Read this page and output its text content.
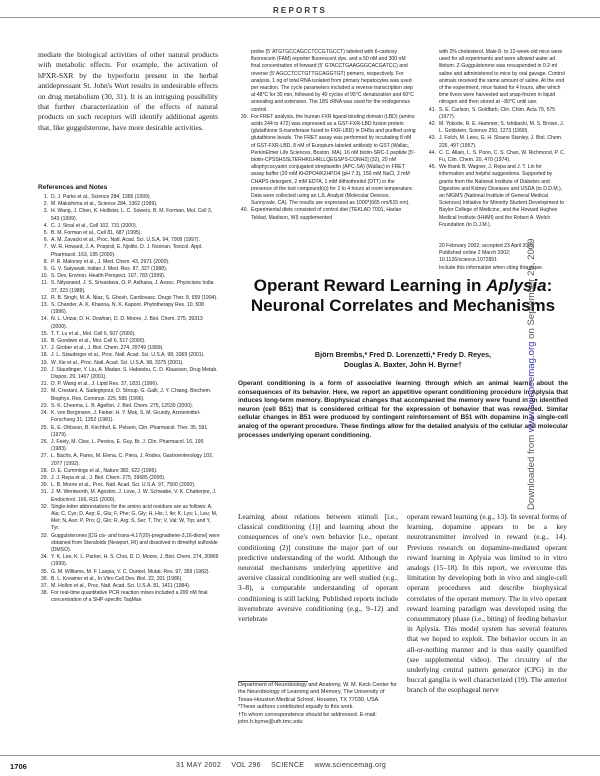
REPORTS
mediate the biological activities of other natural products with metabolic effects. For example, the activation of hPXR-SXR by the hyperforin present in the herbal antidepressant St. John's Wort results in undesirable effects on drug metabolism (30, 31). It is an intriguing possibility that further characterization of the effects of natural products on such receptors will identify additional agents that, like guggulsterone, have more desirable activities.
References and Notes
1. D. J. Parks et al., Science 284, 1365 (1999).
2. M. Makishima et al., Science 284, 1362 (1999).
3. H. Wang, J. Chen, K. Hollister, L. C. Sowers, B. M. Forman, Mol. Cell 3, 543 (1999).
4. C. J. Sinal et al., Cell 102, 731 (2000).
5. B. M. Forman et al., Cell 81, 687 (1995).
6. A. M. Zavacki et al., Proc. Natl. Acad. Sci. U.S.A. 94, 7909 (1997).
7. W. R. Howard, J. A. Pospisil, E. Njolito, D. J. Noonan, Toxicol. Appl. Pharmacol. 163, 195 (2000).
8. P. R. Maloney et al., J. Med. Chem. 43, 2971 (2000).
9. G. V. Satyavati, Indian J. Med. Res. 87, 327 (1988).
10. S. Dev, Environ. Health Perspect. 107, 783 (1999).
11. S. Nityanand, J. S. Srivastava, O. P. Asthana, J. Assoc. Physicians India 37, 323 (1989).
12. R. B. Singh, M. A. Niaz, S. Ghosh, Cardiovasc. Drugs Ther. 8, 659 (1994).
13. S. Chander, A. K. Khanna, N. K. Kapoor, Phytotherapy Res. 10, 508 (1996).
14. N. L. Urizar, D. H. Dowhan, D. D. Moore, J. Biol. Chem. 275, 39313 (2000).
15. T. T. Lu et al., Mol. Cell 6, 507 (2000).
16. B. Goodwin et al., Mol. Cell 6, 517 (2000).
17. J. Grober et al., J. Biol. Chem. 274, 29749 (1999).
18. J. L. Staudinger et al., Proc. Natl. Acad. Sci. U.S.A. 98, 3369 (2001).
19. W. Xie et al., Proc. Natl. Acad. Sci. U.S.A. 98, 3375 (2001).
20. J. Staudinger, Y. Liu, A. Madan, S. Habeebu, C. D. Klaassen, Drug Metab. Dispos. 29, 1467 (2001).
21. D. P. Wang et al., J. Lipid Res. 37, 1831 (1996).
22. M. Crestani, A. Sadeghpour, D. Stroup, G. Galli, J. Y. Chiang, Biochem. Biophys. Res. Commun. 225, 585 (1996).
23. S. K. Cheema, L. B. Agellon, J. Biol. Chem. 275, 12530 (2000).
24. K. von Bergmann, J. Fieber, H. Y. Mok, S. M. Grundy, Arzneimittel-Forschung 31, 1352 (1981).
25. E. E. Ohlsson, B. Kirchhof, E. Pelsein, Clin. Pharmacol. Ther. 35, 591 (1979).
26. J. Feely, M. Clee, L. Pereira, E. Guy, Br. J. Clin. Pharmacol. 16, 195 (1983).
27. L. Bachs, A. Pares, M. Elena, C. Piera, J. Rodes, Gastroenterology 102, 2077 (1992).
28. D. E. Cummings et al., Nature 382, 622 (1996).
29. J. J. Repa et al., J. Biol. Chem. 275, 39685 (2000).
30. L. B. Moore et al., Proc. Natl. Acad. Sci. U.S.A. 97, 7500 (2000).
31. J. M. Wentworth, M. Agostini, J. Love, J. W. Schwabe, V. K. Chatterjee, J. Endocrinol. 166, R11 (2000).
32. Single-letter abbreviations for the amino acid residues are as follows: A, Ala; C, Cys; D, Asp; E, Glu; F, Phe; G, Gly; H, His; I, Ile; K, Lys; L, Leu; M, Met; N, Asn; P, Pro; Q, Gln; R, Arg; S, Ser; T, Thr; V, Val; W, Trp; and Y, Tyr.
33. Guggulsterones [CG cis- and trans-4,17(20)-pregnadiene-3,16-dione] were obtained from Steraloids (Newport, RI) and dissolved in dimethyl sulfoxide (DMSO).
34. Y. K. Lee, K. L. Parker, H. S. Choi, D. D. Moore, J. Biol. Chem. 274, 20869 (1999).
35. G. M. Williams, M. F. Laspia, V. C. Dunkel, Mutat. Res. 97, 359 (1982).
36. B. L. Kreamer et al., In Vitro Cell Dev. Biol. 22, 201 (1986).
37. M. Hollon et al., Proc. Natl. Acad. Sci. U.S.A. 81, 1411 (1984).
38. For real-time quantitative PCR reaction mixes included a 200 nM final concentration of a SHP-specific TaqMan
probe (5' ATGTGCCAGCCTCCGTGCCT) labeled with 6-carboxy fluorescein (FAM) reporter fluorescent dye, and a 50 nM and 300 nM final concentration of forward (5' GTACCTGAAGGGCACGATCC) and reverse (5' AGCCTCCTGTTGCAGGTGT) primers, respectively. For analysis, 1 ng of total RNA isolated from primary hepatocytes was used per reaction. The cycle parameters included a reverse transcription step at 48°C for 30 min, followed by 40 cycles of 95°C denaturation and 60°C annealing and extension. The 18S rRNA was used for the endogenous control.
39. For FRET analysis, the human FXR ligand-binding domain (LBD) (amino acids 244 to 472) was expressed as a GST-FXR-LBD fusion protein (glutathione S-transferase fused to FXR-LBD) in DH5α and purified using glutathione beads. The FRET assay was performed by incubating 8 nM of GST-FXR-LBD, 8 nM of Europium-labeled antibody to GST (Wallac, PerkinElmer Life Sciences, Boston, MA), 16 nM biotin-SRC-1 peptide [5'-biotin-CPSSHSSLTERHKILHRLLQEGSPS-CONH2] (32), 20 nM allophycocyanin conjugated streptavidin (APC-SA) (Wallac) in FRET assay buffer (20 mM KH2PO4/K2HPO4 (pH 7.3), 150 mM NaCl, 2 mM CHAPS detergent, 2 mM EDTA, 1 mM dithiothreitol (DTT) in the presence of the test compound(s)) for 2 to 4 hours at room temperature. Data were collected using an LJL Analyst (Molecular Devices, Sunnyvale, CA). The results are expressed as 1000*(665 nm/615 nm).
40. Experimental diets consisted of control diet (TEKLAD 7001, Harlan Teklad, Madison, WI) supplemented
with 2% cholesterol. Male 8- to 12-week-old mice were used for all experiments and were allowed water ad libitum. Z-Guggulsterone was resuspended in 0.2-ml saline and administered to mice by oral gavage. Control animals received the same amount of saline. At the end of the experiment, mice fasted for 4 hours, after which time livers were harvested and snap-frozen in liquid nitrogen and then stored at −80°C until use.
41. S. E. Carlson, S. Goldfarb, Clin. Chim. Acta 79, 575 (1977).
42. M. Yokode, R. E. Hammer, S. Ishibashi, M. S. Brown, J. L. Goldstein, Science 250, 1273 (1990).
43. J. Folch, M. Lees, G. H. Sloane Stanley, J. Biol. Chem. 226, 497 (1957).
44. C. C. Allain, L. S. Poon, C. S. Chan, W. Richmond, P. C. Fu, Clin. Chem. 20, 470 (1974).
45. We thank B. Wagner, J. Repa and J. T. Lin for information and helpful suggestions. Supported by grants from the National Institute of Diabetes and Digestive and Kidney Diseases and USDA (to D.D.M.), an NIGMS (National Institute of General Medical Sciences) Initiative for Minority Student Development to Baylor College of Medicine, and the Howard Hughes Medical Institute (HHMI) and the Robert A. Welch Foundation (to D.J.M.).
20 February 2002; accepted 23 April 2002
Published online 2 March 2002;
10.1126/science.1072891
Include this information when citing this paper.
Operant Reward Learning in Aplysia: Neuronal Correlates and Mechanisms
Björn Brembs,* Fred D. Lorenzetti,* Fredy D. Reyes,
Douglas A. Baxter, John H. Byrne†
Operant conditioning is a form of associative learning through which an animal learns about the consequences of its behavior. Here, we report an appetitive operant conditioning procedure in Aplysia that induces long-term memory. Biophysical changes that accompanied the memory were found in an identified neuron (cell B51) that is considered critical for the expression of behavior that was rewarded. Similar cellular changes in B51 were produced by contingent reinforcement of B51 with dopamine in a single-cell analog of the operant procedure. These findings allow for the detailed analysis of the cellular and molecular processes underlying operant conditioning.
Learning about relations between stimuli [i.e., classical conditioning (1)] and learning about the consequences of one's own behavior [i.e., operant conditioning (2)] constitute the major part of our predictive understanding of the world. Although the neuronal mechanisms underlying appetitive and aversive classical conditioning are well studied (e.g., 3–8), a comparable understanding of operant conditioning is still lacking. Published reports include invertebrate aversive conditioning (e.g., 9–12) and vertebrate
operant reward learning (e.g., 13). In several forms of learning, dopamine appears to be a key neurotransmitter involved in reward (e.g., 14). Previous research on dopamine-mediated operant reward learning in Aplysia was limited to in vitro analogs (15–18). In this report, we overcome this limitation by developing both in vivo and single-cell operant procedures and describe biophysical correlates of the operant memory. The in vivo operant reward learning paradigm was developed using the consummatory phase (i.e., biting) of feeding behavior in Aplysia. This model system has several features that we hoped to exploit. The behavior occurs in an all-or-nothing manner and is thus easily quantified (see supplemental video). The circuitry of the underlying central pattern generator (CPG) in the buccal ganglia is well characterized (19). The anterior branch of the esophageal nerve
Department of Neurobiology and Anatomy, W. M. Keck Center for the Neurobiology of Learning and Memory, The University of Texas-Houston Medical School, Houston, TX 77030, USA.
*These authors contributed equally to this work.
†To whom correspondence should be addressed. E-mail: john.h.byrne@uth.tmc.edu
Downloaded from www.sciencemag.org on September 25, 2009
1706	31 MAY 2002 VOL 296 SCIENCE www.sciencemag.org
